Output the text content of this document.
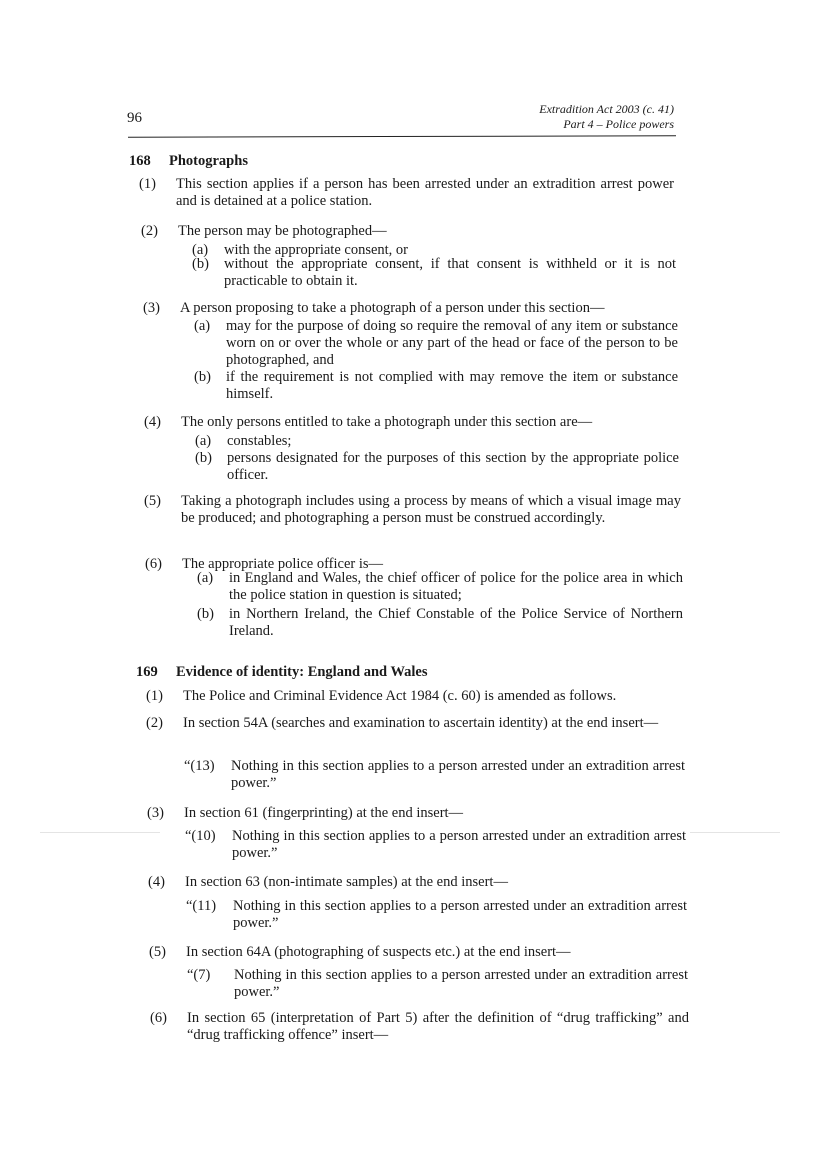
96
Extradition Act 2003 (c. 41)
Part 4 – Police powers
168 Photographs
(1) This section applies if a person has been arrested under an extradition arrest power and is detained at a police station.
(2) The person may be photographed—
(a) with the appropriate consent, or
(b) without the appropriate consent, if that consent is withheld or it is not practicable to obtain it.
(3) A person proposing to take a photograph of a person under this section—
(a) may for the purpose of doing so require the removal of any item or substance worn on or over the whole or any part of the head or face of the person to be photographed, and
(b) if the requirement is not complied with may remove the item or substance himself.
(4) The only persons entitled to take a photograph under this section are—
(a) constables;
(b) persons designated for the purposes of this section by the appropriate police officer.
(5) Taking a photograph includes using a process by means of which a visual image may be produced; and photographing a person must be construed accordingly.
(6) The appropriate police officer is—
(a) in England and Wales, the chief officer of police for the police area in which the police station in question is situated;
(b) in Northern Ireland, the Chief Constable of the Police Service of Northern Ireland.
169 Evidence of identity: England and Wales
(1) The Police and Criminal Evidence Act 1984 (c. 60) is amended as follows.
(2) In section 54A (searches and examination to ascertain identity) at the end insert—
“(13) Nothing in this section applies to a person arrested under an extradition arrest power.”
(3) In section 61 (fingerprinting) at the end insert—
“(10) Nothing in this section applies to a person arrested under an extradition arrest power.”
(4) In section 63 (non-intimate samples) at the end insert—
“(11) Nothing in this section applies to a person arrested under an extradition arrest power.”
(5) In section 64A (photographing of suspects etc.) at the end insert—
“(7) Nothing in this section applies to a person arrested under an extradition arrest power.”
(6) In section 65 (interpretation of Part 5) after the definition of “drug trafficking” and “drug trafficking offence” insert—
